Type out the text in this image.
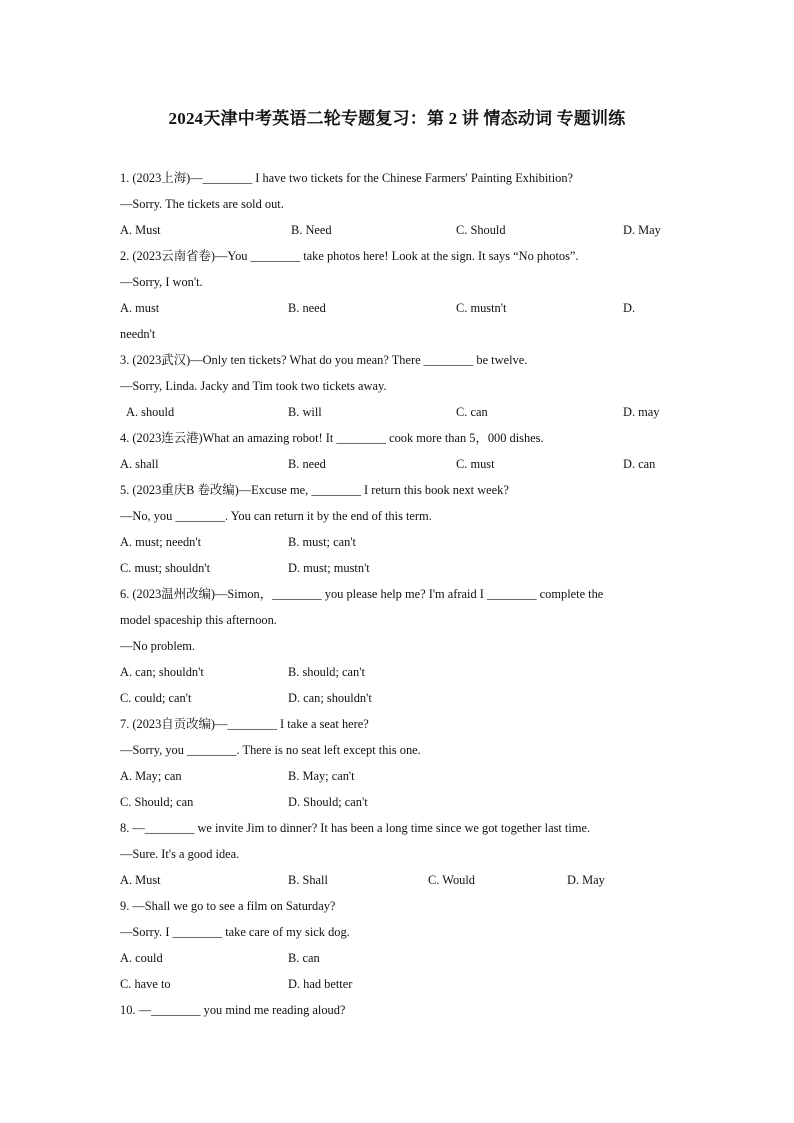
2024天津中考英语二轮专题复习：第 2 讲 情态动词 专题训练
1. (2023上海)—________ I have two tickets for the Chinese Farmers' Painting Exhibition?
—Sorry. The tickets are sold out.
A. Must	B. Need	C. Should	D. May
2. (2023云南省卷)—You ________ take photos here! Look at the sign. It says “No photos”.
—Sorry, I won't.
A. must	B. need	C. mustn't	D.
needn't
3. (2023武汉)—Only ten tickets? What do you mean? There ________ be twelve.
—Sorry, Linda. Jacky and Tim took two tickets away.
A. should	B. will	C. can	D. may
4. (2023连云港)What an amazing robot! It ________ cook more than 5，000 dishes.
A. shall	B. need	C. must	D. can
5. (2023重庆B 卷改编)—Excuse me, ________ I return this book next week?
—No, you ________. You can return it by the end of this term.
A. must; needn't	B. must; can't
C. must; shouldn't	D. must; mustn't
6. (2023温州改编)—Simon，________ you please help me? I'm afraid I ________ complete the
model spaceship this afternoon.
—No problem.
A. can; shouldn't	B. should; can't
C. could; can't	D. can; shouldn't
7. (2023自贡改编)—________ I take a seat here?
—Sorry, you ________. There is no seat left except this one.
A. May; can	B. May; can't
C. Should; can	D. Should; can't
8. —________ we invite Jim to dinner? It has been a long time since we got together last time.
—Sure. It's a good idea.
A. Must	B. Shall	C. Would	D. May
9. —Shall we go to see a film on Saturday?
—Sorry. I ________ take care of my sick dog.
A. could	B. can
C. have to	D. had better
10. —________ you mind me reading aloud?
